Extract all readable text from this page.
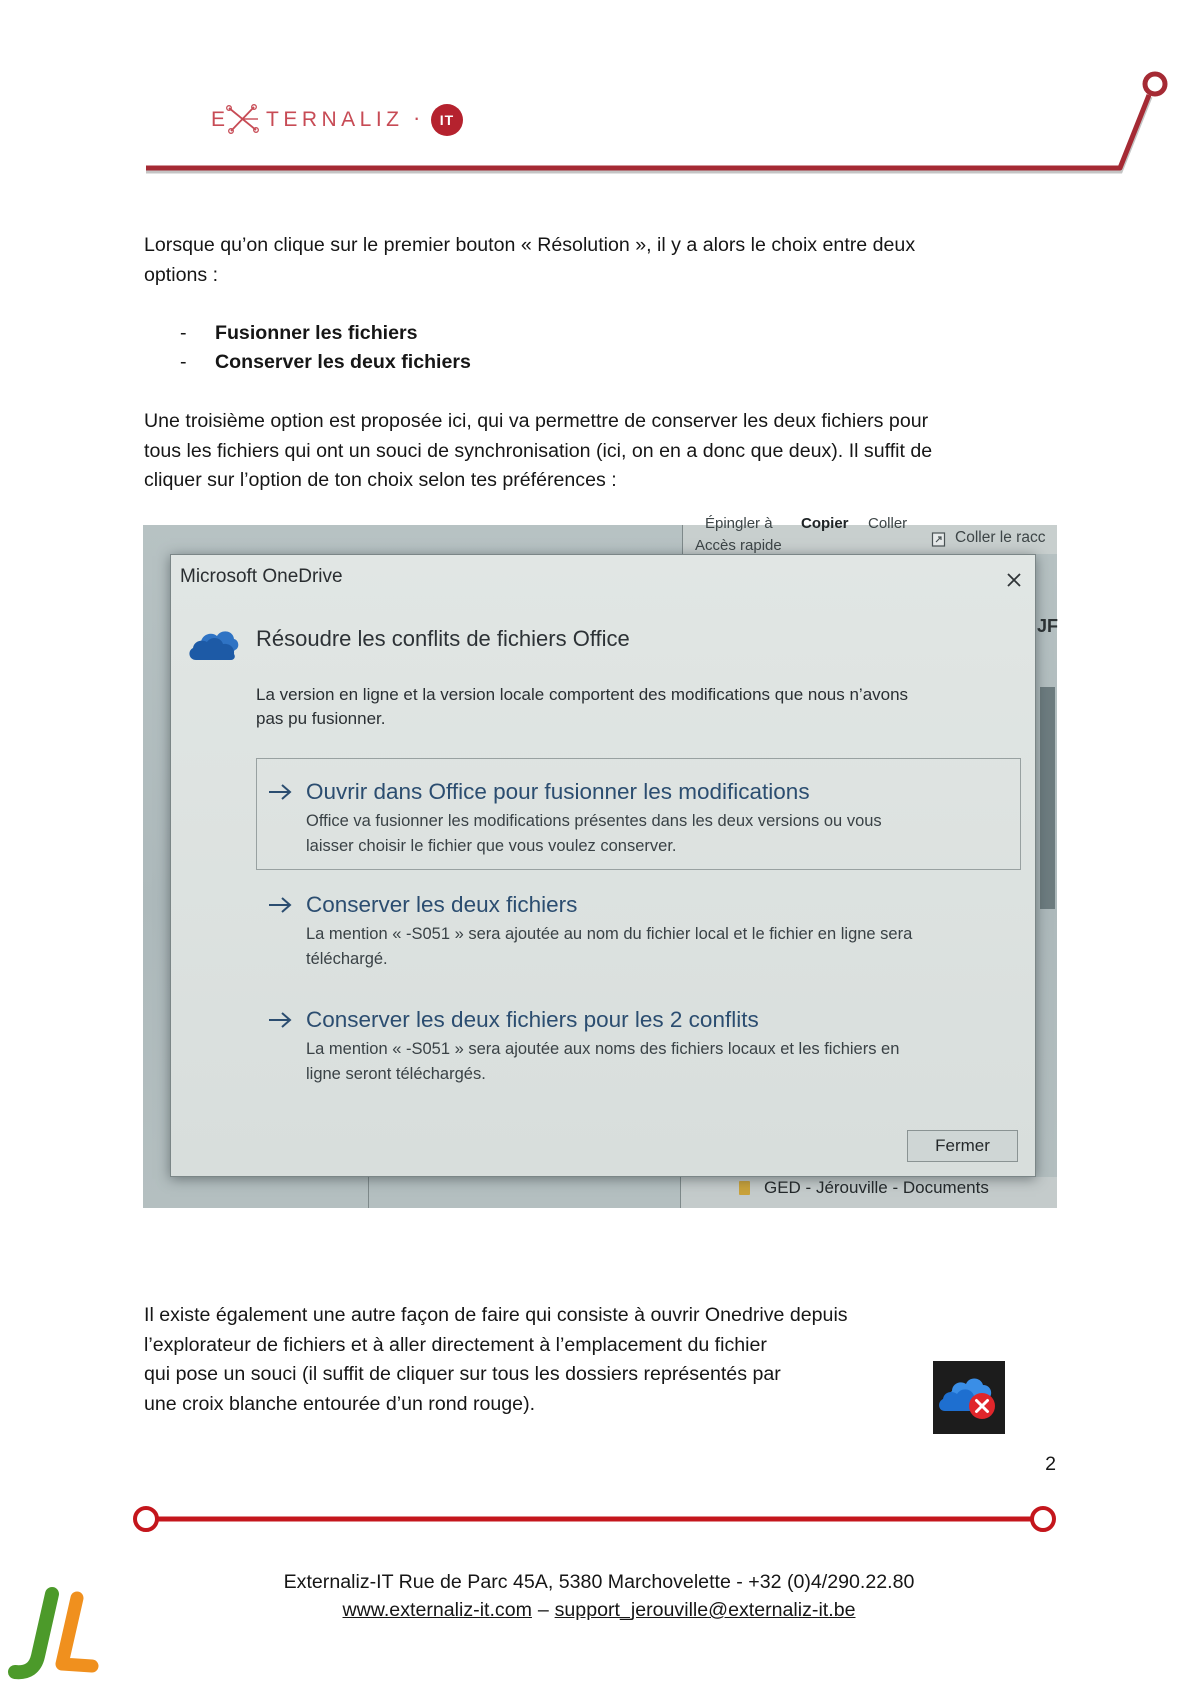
E TERNALIZ ·	IT
Lorsque qu’on clique sur le premier bouton « Résolution », il y a alors le choix entre deux
options :
- Fusionner les fichiers
- Conserver les deux fichiers
Une troisième option est proposée ici, qui va permettre de conserver les deux fichiers pour
tous les fichiers qui ont un souci de synchronisation (ici, on en a donc que deux). Il suffit de
cliquer sur l’option de ton choix selon tes préférences :
Épingler à
Accès rapide
Copier Coller
Coller le racc
JF
GED - Jérouville - Documents
Microsoft OneDrive
Résoudre les conflits de fichiers Office
La version en ligne et la version locale comportent des modifications que nous n’avons
pas pu fusionner.
Ouvrir dans Office pour fusionner les modifications
Office va fusionner les modifications présentes dans les deux versions ou vous
laisser choisir le fichier que vous voulez conserver.
Conserver les deux fichiers
La mention « -S051 » sera ajoutée au nom du fichier local et le fichier en ligne sera
téléchargé.
Conserver les deux fichiers pour les 2 conflits
La mention « -S051 » sera ajoutée aux noms des fichiers locaux et les fichiers en
ligne seront téléchargés.
Fermer
Il existe également une autre façon de faire qui consiste à ouvrir Onedrive depuis
l’explorateur de fichiers et à aller directement à l’emplacement du fichier
qui pose un souci (il suffit de cliquer sur tous les dossiers représentés par
une croix blanche entourée d’un rond rouge).
2
Externaliz-IT Rue de Parc 45A, 5380 Marchovelette - +32 (0)4/290.22.80
www.externaliz-it.com – support_jerouville@externaliz-it.be
